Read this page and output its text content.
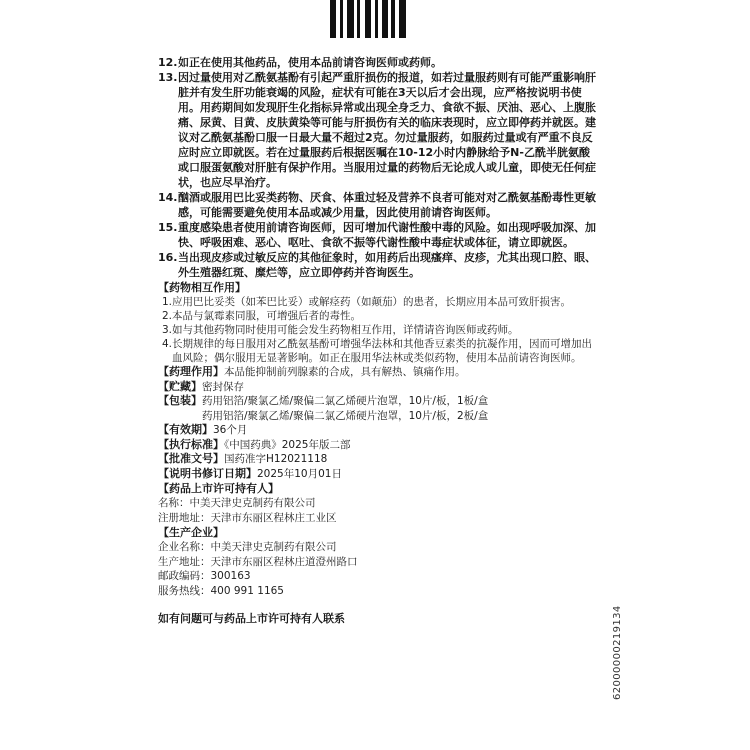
12. 如正在使用其他药品，使用本品前请咨询医师或药师。
13. 因过量使用对乙酰氨基酚有引起严重肝损伤的报道，如若过量服药则有可能严重影响肝脏并有发生肝功能衰竭的风险，症状有可能在3天以后才会出现，应严格按说明书使用。用药期间如发现肝生化指标异常或出现全身乏力、食欲不振、厌油、恶心、上腹胀痛、尿黄、目黄、皮肤黄染等可能与肝损伤有关的临床表现时，应立即停药并就医。建议对乙酰氨基酚口服一日最大量不超过2克。勿过量服药，如服药过量或有严重不良反应时应立即就医。若在过量服药后根据医嘱在10-12小时内静脉给予N-乙酰半胱氨酸或口服蛋氨酸对肝脏有保护作用。当服用过量的药物后无论成人或儿童，即使无任何症状，也应尽早治疗。
14. 酗酒或服用巴比妥类药物、厌食、体重过轻及营养不良者可能对对乙酰氨基酚毒性更敏感，可能需要避免使用本品或减少用量，因此使用前请咨询医师。
15. 重度感染患者使用前请咨询医师，因可增加代谢性酸中毒的风险。如出现呼吸加深、加快、呼吸困难、恶心、呕吐、食欲不振等代谢性酸中毒症状或体征，请立即就医。
16. 当出现皮疹或过敏反应的其他征象时，如用药后出现瘙痒、皮疹，尤其出现口腔、眼、外生殖器红斑、糜烂等，应立即停药并咨询医生。
【药物相互作用】
1. 应用巴比妥类（如苯巴比妥）或解痉药（如颠茄）的患者，长期应用本品可致肝损害。
2. 本品与氯霉素同服，可增强后者的毒性。
3. 如与其他药物同时使用可能会发生药物相互作用，详情请咨询医师或药师。
4. 长期规律的每日服用对乙酰氨基酚可增强华法林和其他香豆素类的抗凝作用，因而可增加出血风险；偶尔服用无显著影响。如正在服用华法林或类似药物，使用本品前请咨询医师。
【药理作用】本品能抑制前列腺素的合成，具有解热、镇痛作用。
【贮藏】密封保存
【包装】药用铝箔/聚氯乙烯/聚偏二氯乙烯硬片泡罩，10片/板，1板/盒
药用铝箔/聚氯乙烯/聚偏二氯乙烯硬片泡罩，10片/板，2板/盒
【有效期】36个月
【执行标准】《中国药典》2025年版二部
【批准文号】国药准字H12021118
【说明书修订日期】2025年10月01日
【药品上市许可持有人】
名称：中美天津史克制药有限公司
注册地址：天津市东丽区程林庄工业区
【生产企业】
企业名称：中美天津史克制药有限公司
生产地址：天津市东丽区程林庄道澄州路口
邮政编码：300163
服务热线：400 991 1165
如有问题可与药品上市许可持有人联系	62000000219134
